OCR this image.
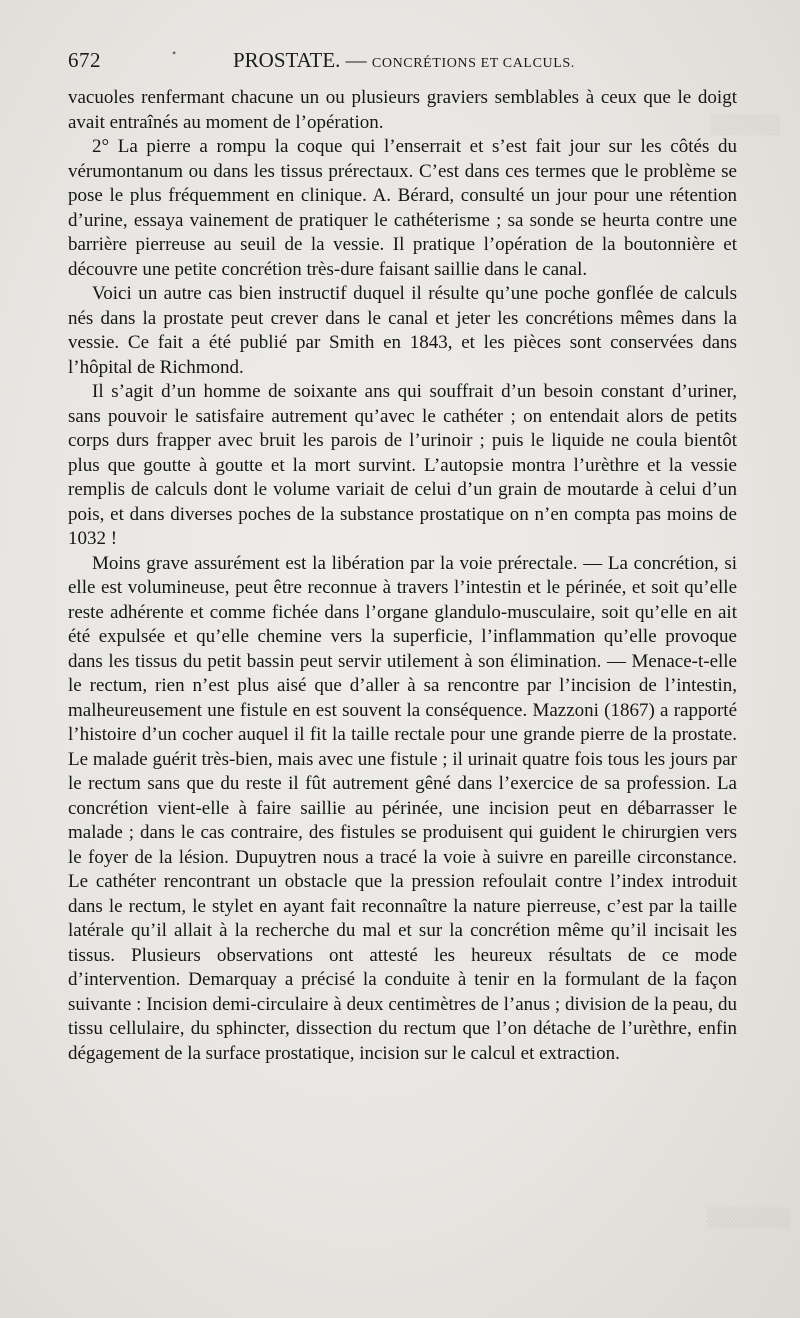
▒▒▒▒▒
▒▒▒▒▒▒
672	•	PROSTATE. — CONCRÉTIONS ET CALCULS.

vacuoles renfermant chacune un ou plusieurs graviers semblables à ceux que le doigt avait entraînés au moment de l’opération.

2° La pierre a rompu la coque qui l’enserrait et s’est fait jour sur les côtés du vérumontanum ou dans les tissus prérectaux. C’est dans ces termes que le problème se pose le plus fréquemment en clinique. A. Bérard, consulté un jour pour une rétention d’urine, essaya vainement de pratiquer le cathéterisme ; sa sonde se heurta contre une barrière pierreuse au seuil de la vessie. Il pratique l’opération de la boutonnière et découvre une petite concrétion très-dure faisant saillie dans le canal.

Voici un autre cas bien instructif duquel il résulte qu’une poche gonflée de calculs nés dans la prostate peut crever dans le canal et jeter les concrétions mêmes dans la vessie. Ce fait a été publié par Smith en 1843, et les pièces sont conservées dans l’hôpital de Richmond.

Il s’agit d’un homme de soixante ans qui souffrait d’un besoin constant d’uriner, sans pouvoir le satisfaire autrement qu’avec le cathéter ; on entendait alors de petits corps durs frapper avec bruit les parois de l’urinoir ; puis le liquide ne coula bientôt plus que goutte à goutte et la mort survint. L’autopsie montra l’urèthre et la vessie remplis de calculs dont le volume variait de celui d’un grain de moutarde à celui d’un pois, et dans diverses poches de la substance prostatique on n’en compta pas moins de 1032 !

Moins grave assurément est la libération par la voie prérectale. — La concrétion, si elle est volumineuse, peut être reconnue à travers l’intestin et le périnée, et soit qu’elle reste adhérente et comme fichée dans l’organe glandulo-musculaire, soit qu’elle en ait été expulsée et qu’elle chemine vers la superficie, l’inflammation qu’elle provoque dans les tissus du petit bassin peut servir utilement à son élimination. — Menace-t-elle le rectum, rien n’est plus aisé que d’aller à sa rencontre par l’incision de l’intestin, malheureusement une fistule en est souvent la conséquence. Mazzoni (1867) a rapporté l’histoire d’un cocher auquel il fit la taille rectale pour une grande pierre de la prostate. Le malade guérit très-bien, mais avec une fistule ; il urinait quatre fois tous les jours par le rectum sans que du reste il fût autrement gêné dans l’exercice de sa profession. La concrétion vient-elle à faire saillie au périnée, une incision peut en débarrasser le malade ; dans le cas contraire, des fistules se produisent qui guident le chirurgien vers le foyer de la lésion. Dupuytren nous a tracé la voie à suivre en pareille circonstance. Le cathéter rencontrant un obstacle que la pression refoulait contre l’index introduit dans le rectum, le stylet en ayant fait reconnaître la nature pierreuse, c’est par la taille latérale qu’il allait à la recherche du mal et sur la concrétion même qu’il incisait les tissus. Plusieurs observations ont attesté les heureux résultats de ce mode d’intervention. Demarquay a précisé la conduite à tenir en la formulant de la façon suivante : Incision demi-circulaire à deux centimètres de l’anus ; division de la peau, du tissu cellulaire, du sphincter, dissection du rectum que l’on détache de l’urèthre, enfin dégagement de la surface prostatique, incision sur le calcul et extraction.
